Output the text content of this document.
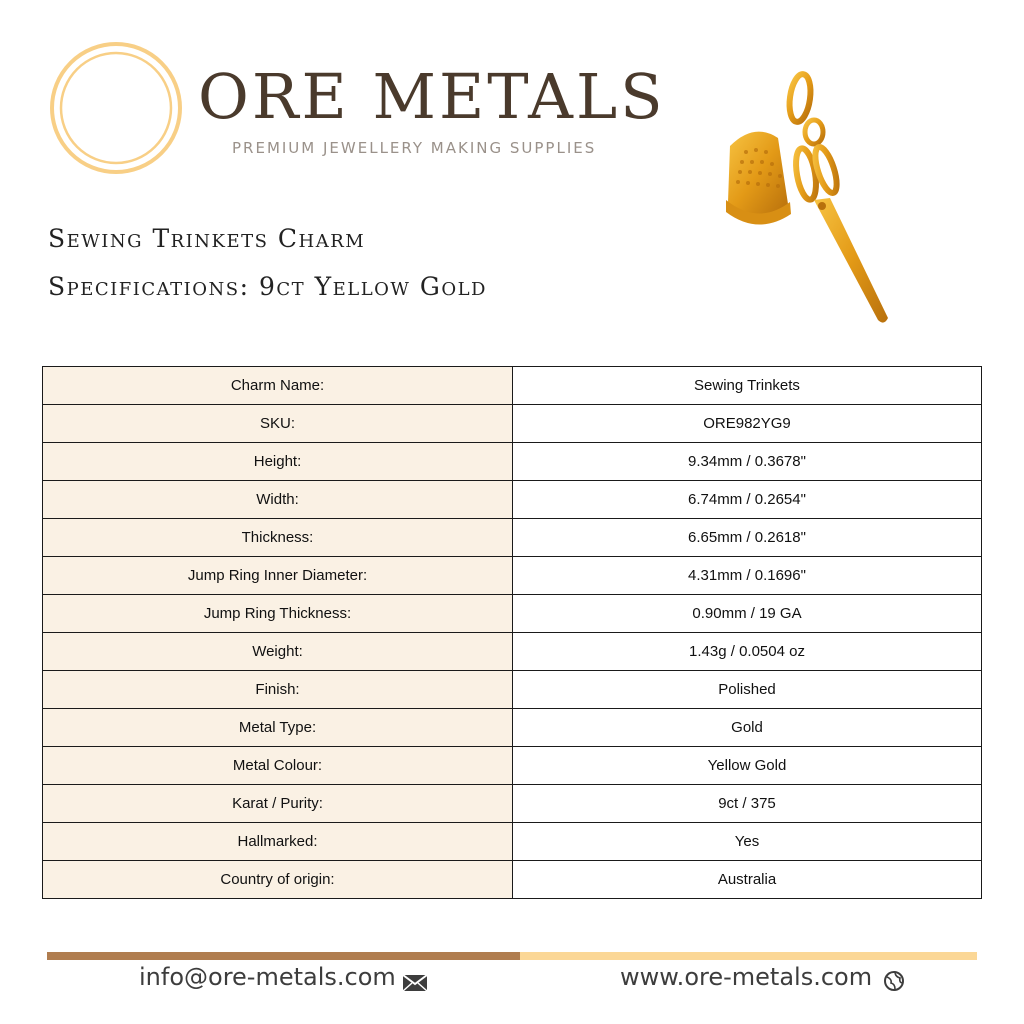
ORE METALS
PREMIUM JEWELLERY MAKING SUPPLIES
Sewing Trinkets Charm
Specifications: 9ct Yellow Gold
Charm Name:	Sewing Trinkets
SKU:	ORE982YG9
Height:	9.34mm / 0.3678"
Width:	6.74mm / 0.2654"
Thickness:	6.65mm / 0.2618"
Jump Ring Inner Diameter:	4.31mm / 0.1696"
Jump Ring Thickness:	0.90mm / 19 GA
Weight:	1.43g / 0.0504 oz
Finish:	Polished
Metal Type:	Gold
Metal Colour:	Yellow Gold
Karat / Purity:	9ct / 375
Hallmarked:	Yes
Country of origin:	Australia
info@ore-metals.com	www.ore-metals.com
